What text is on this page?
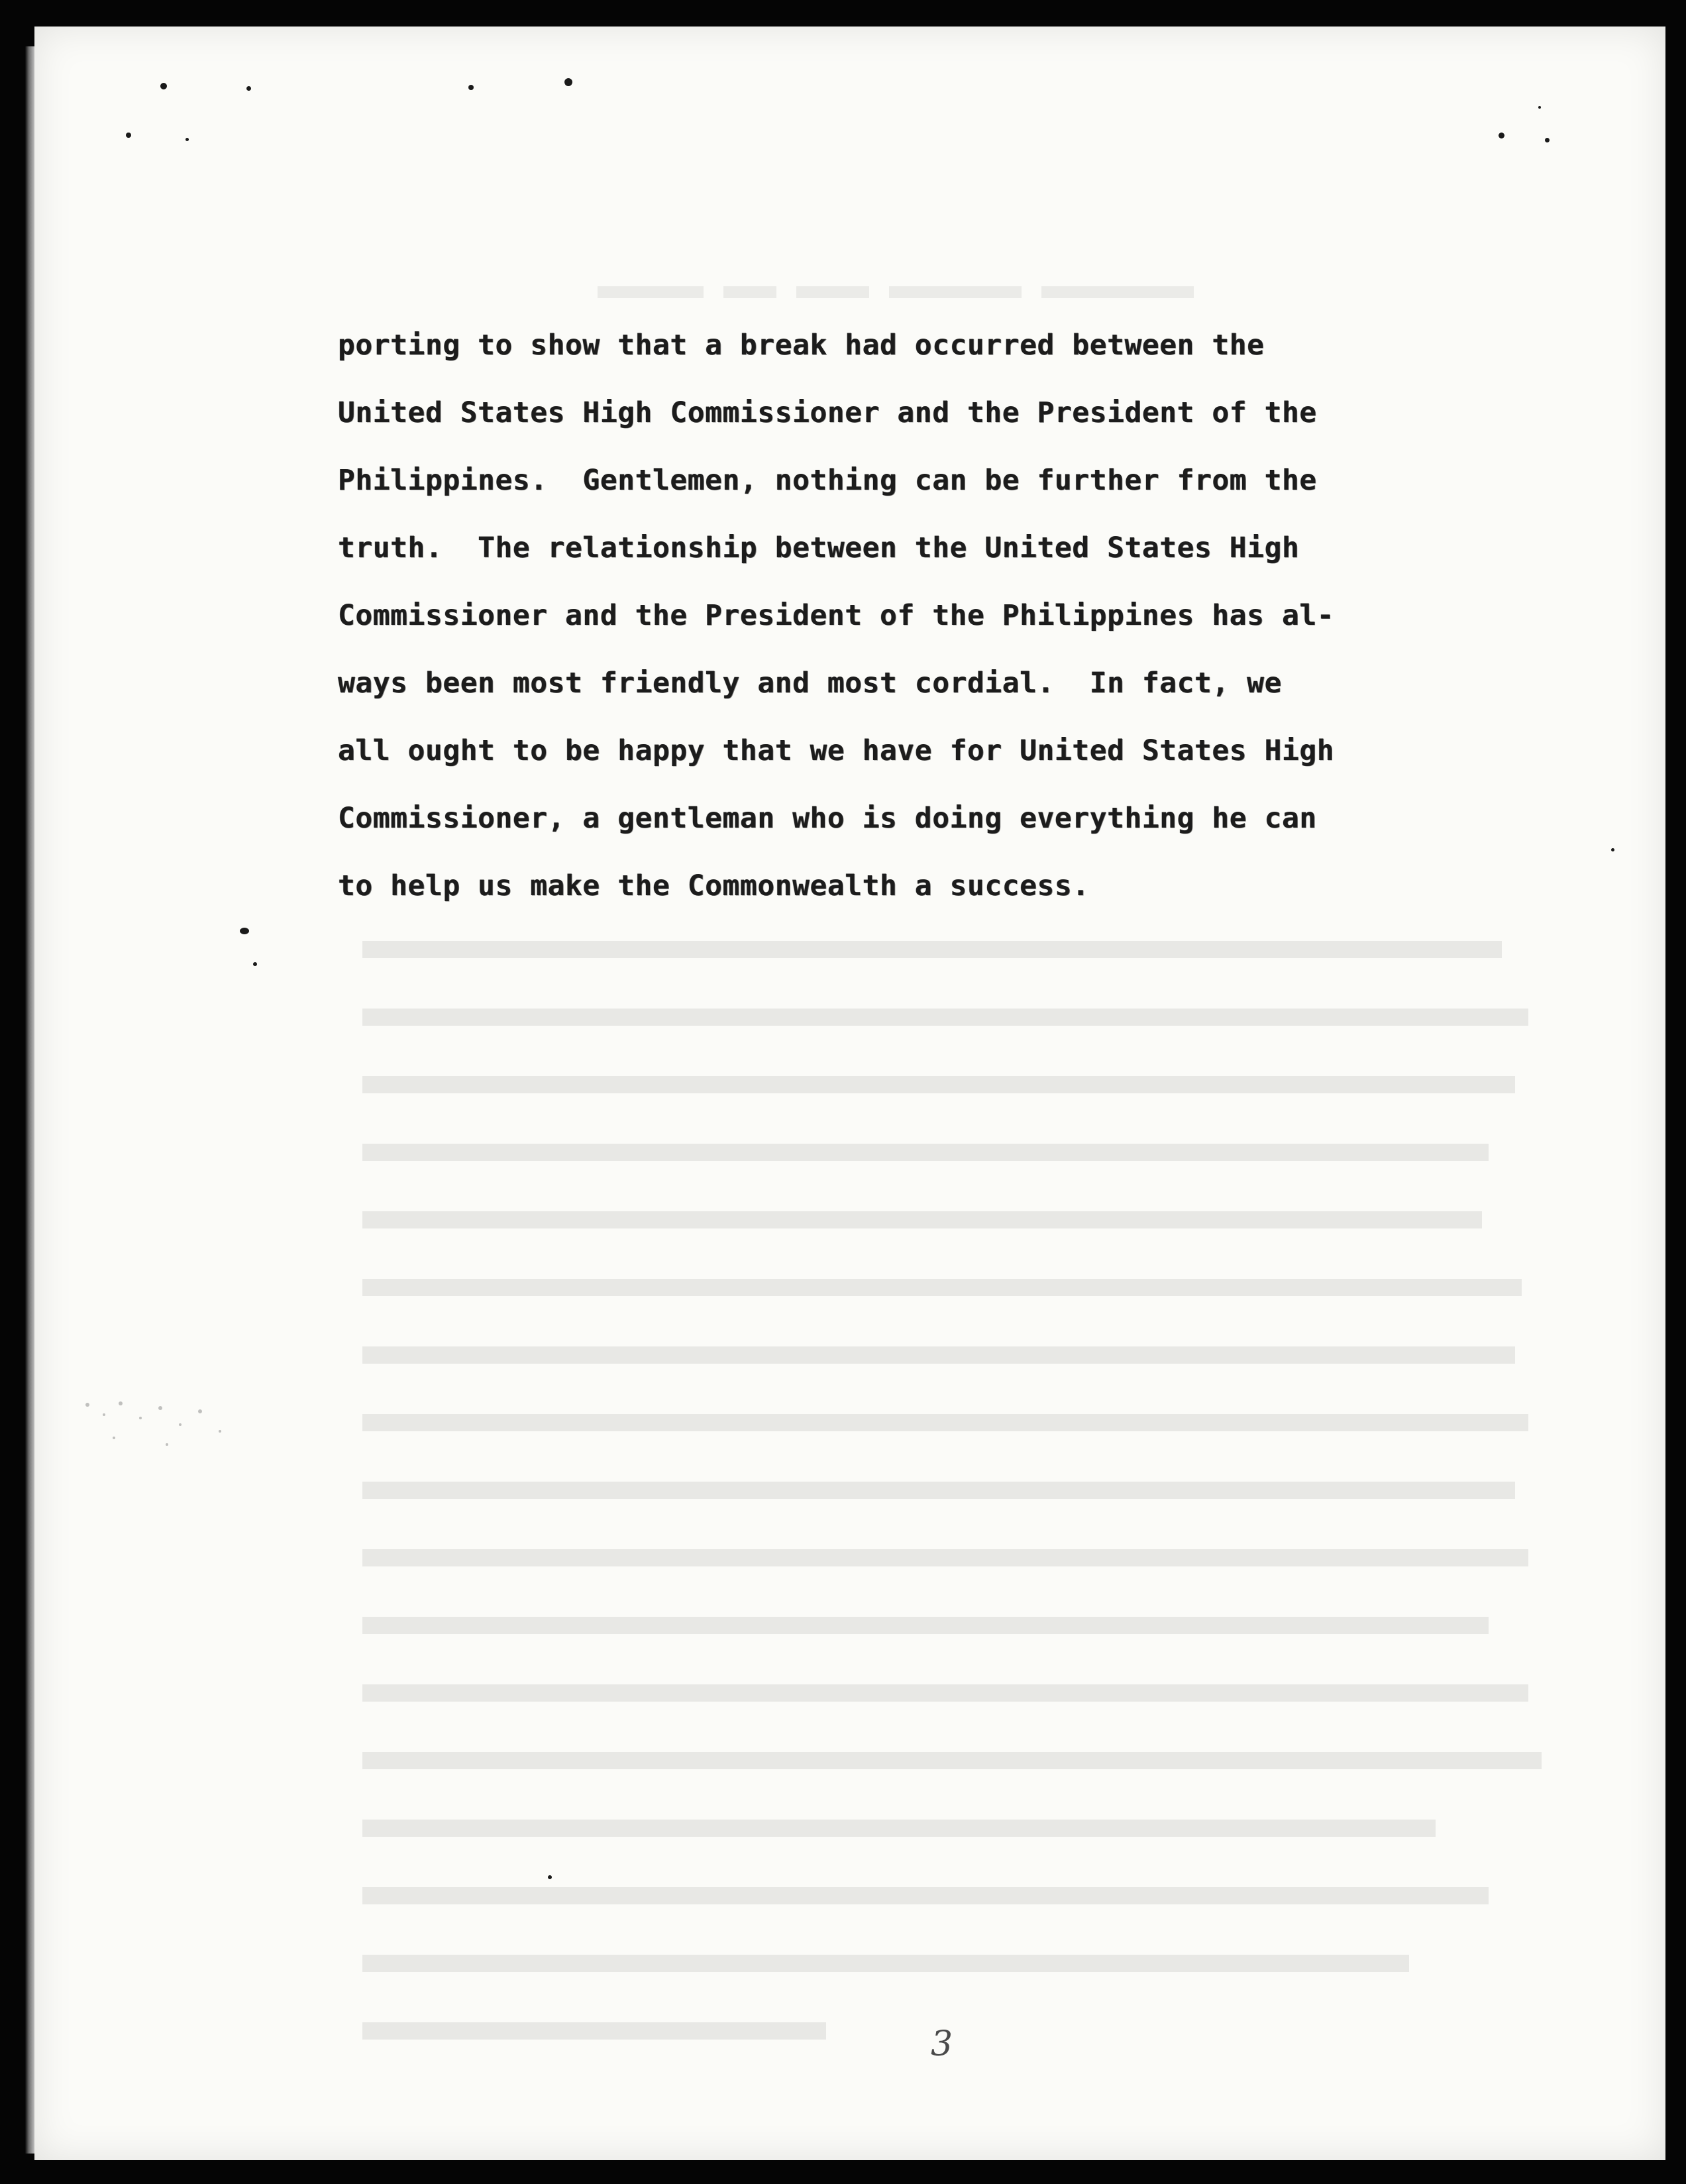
porting to show that a break had occurred between the
United States High Commissioner and the President of the
Philippines.  Gentlemen, nothing can be further from the
truth.  The relationship between the United States High
Commissioner and the President of the Philippines has al-
ways been most friendly and most cordial.  In fact, we
all ought to be happy that we have for United States High
Commissioner, a gentleman who is doing everything he can
to help us make the Commonwealth a success.
3
